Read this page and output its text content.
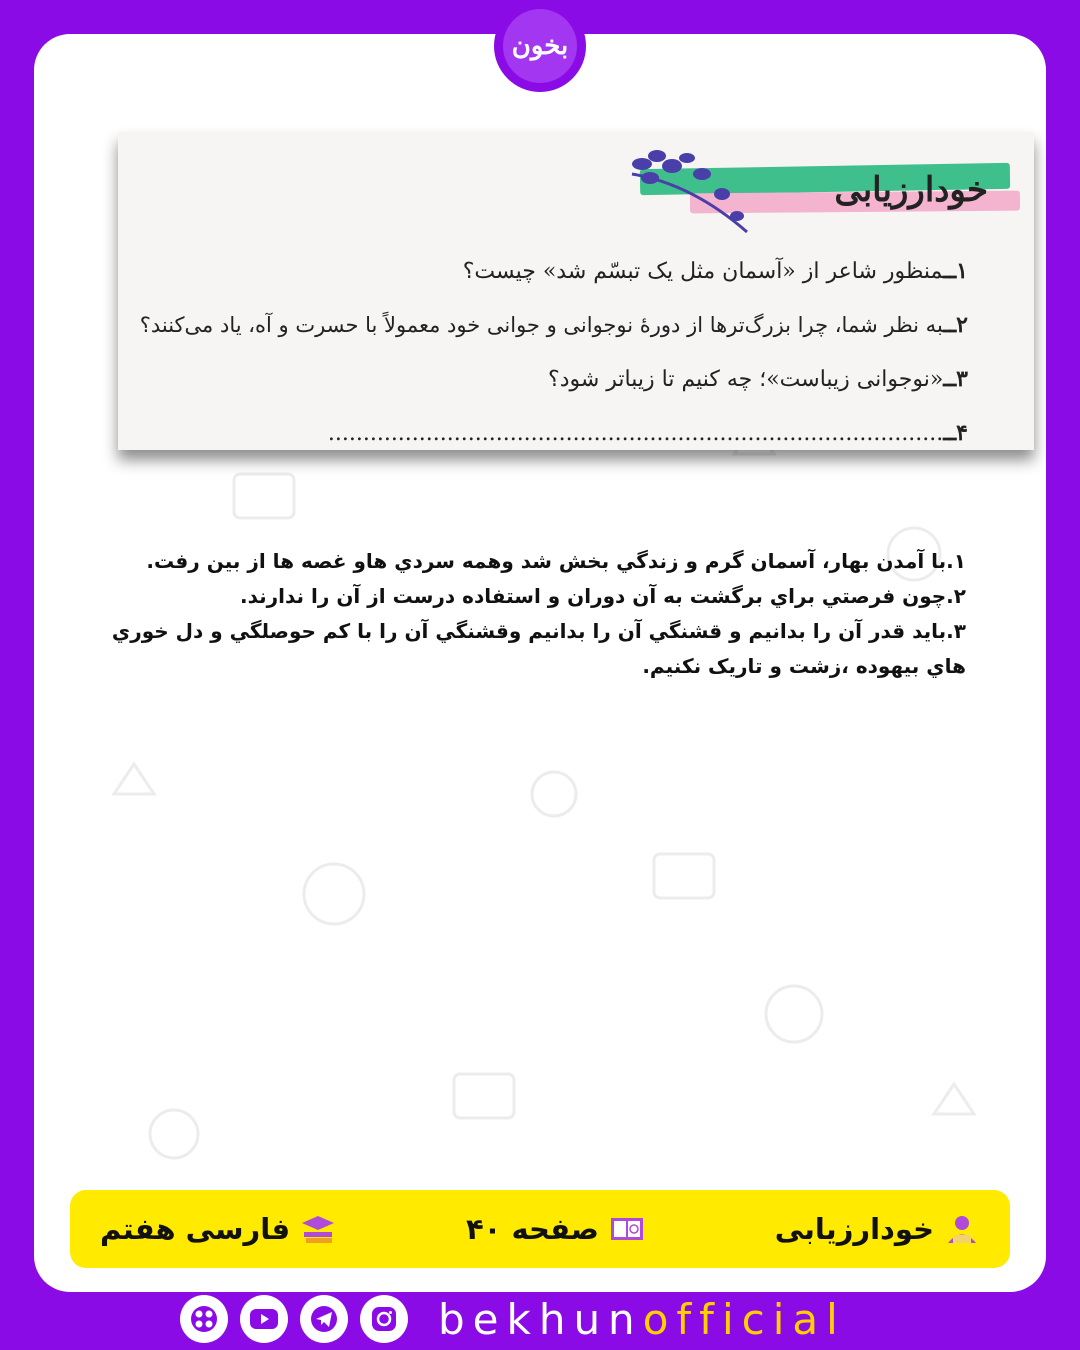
خودارزیابی
۱ــمنظور شاعر از «آسمان مثل یک تبسّم شد» چیست؟
۲ــبه نظر شما، چرا بزرگ‌ترها از دورهٔ نوجوانی و جوانی خود معمولاً با حسرت و آه، یاد می‌کنند؟
۳ــ«نوجوانی زیباست»؛ چه کنیم تا زیباتر شود؟
۴ــ........................................................................................
بخون

۱.با آمدن بهار، آسمان گرم و زندگي بخش شد وهمه سردي هاو غصه ها از بين رفت.

۲.چون فرصتي براي برگشت به آن دوران و استفاده درست از آن را ندارند.

۳.بايد قدر آن را بدانيم و قشنگي آن را بدانيم وقشنگي آن را با کم حوصلگي و دل خوري هاي بيهوده ،زشت و تاريک نکنيم.

خودارزیابی
صفحه ۴۰
فارسی هفتم
bekhun official
